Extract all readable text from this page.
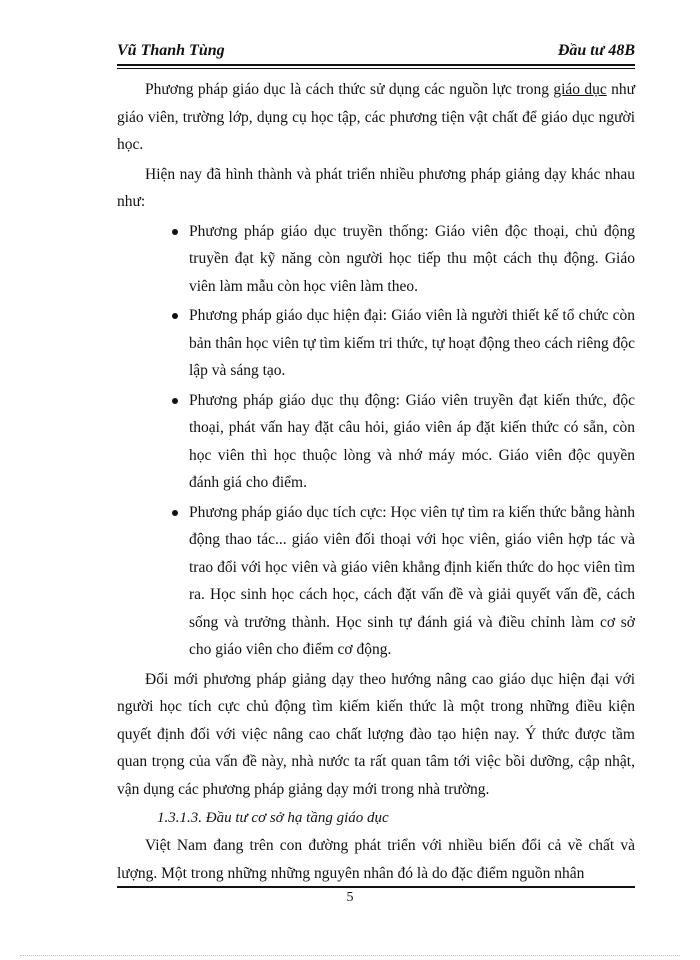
Vũ Thanh Tùng	Đầu tư 48B

Phương pháp giáo dục là cách thức sử dụng các nguồn lực trong giáo dục như giáo viên, trường lớp, dụng cụ học tập, các phương tiện vật chất để giáo dục người học.

Hiện nay đã hình thành và phát triển nhiều phương pháp giảng dạy khác nhau như:

Phương pháp giáo dục truyền thống: Giáo viên độc thoại, chủ động truyền đạt kỹ năng còn người học tiếp thu một cách thụ động. Giáo viên làm mẫu còn học viên làm theo.
Phương pháp giáo dục hiện đại: Giáo viên là người thiết kế tổ chức còn bản thân học viên tự tìm kiếm tri thức, tự hoạt động theo cách riêng độc lập và sáng tạo.
Phương pháp giáo dục thụ động: Giáo viên truyền đạt kiến thức, độc thoại, phát vấn hay đặt câu hỏi, giáo viên áp đặt kiến thức có sẵn, còn học viên thì học thuộc lòng và nhớ máy móc. Giáo viên độc quyền đánh giá cho điểm.
Phương pháp giáo dục tích cực: Học viên tự tìm ra kiến thức bằng hành động thao tác... giáo viên đối thoại với học viên, giáo viên hợp tác và trao đổi với học viên và giáo viên khẳng định kiến thức do học viên tìm ra. Học sinh học cách học, cách đặt vấn đề và giải quyết vấn đề, cách sống và trưởng thành. Học sinh tự đánh giá và điều chỉnh làm cơ sở cho giáo viên cho điểm cơ động.

Đổi mới phương pháp giảng dạy theo hướng nâng cao giáo dục hiện đại với người học tích cực chủ động tìm kiếm kiến thức là một trong những điều kiện quyết định đối với việc nâng cao chất lượng đào tạo hiện nay. Ý thức được tầm quan trọng của vấn đề này, nhà nước ta rất quan tâm tới việc bồi dưỡng, cập nhật, vận dụng các phương pháp giảng dạy mới trong nhà trường.

1.3.1.3. Đầu tư cơ sở hạ tầng giáo dục

Việt Nam đang trên con đường phát triển với nhiều biến đổi cả về chất và lượng. Một trong những những nguyên nhân đó là do đặc điểm nguồn nhân

5
